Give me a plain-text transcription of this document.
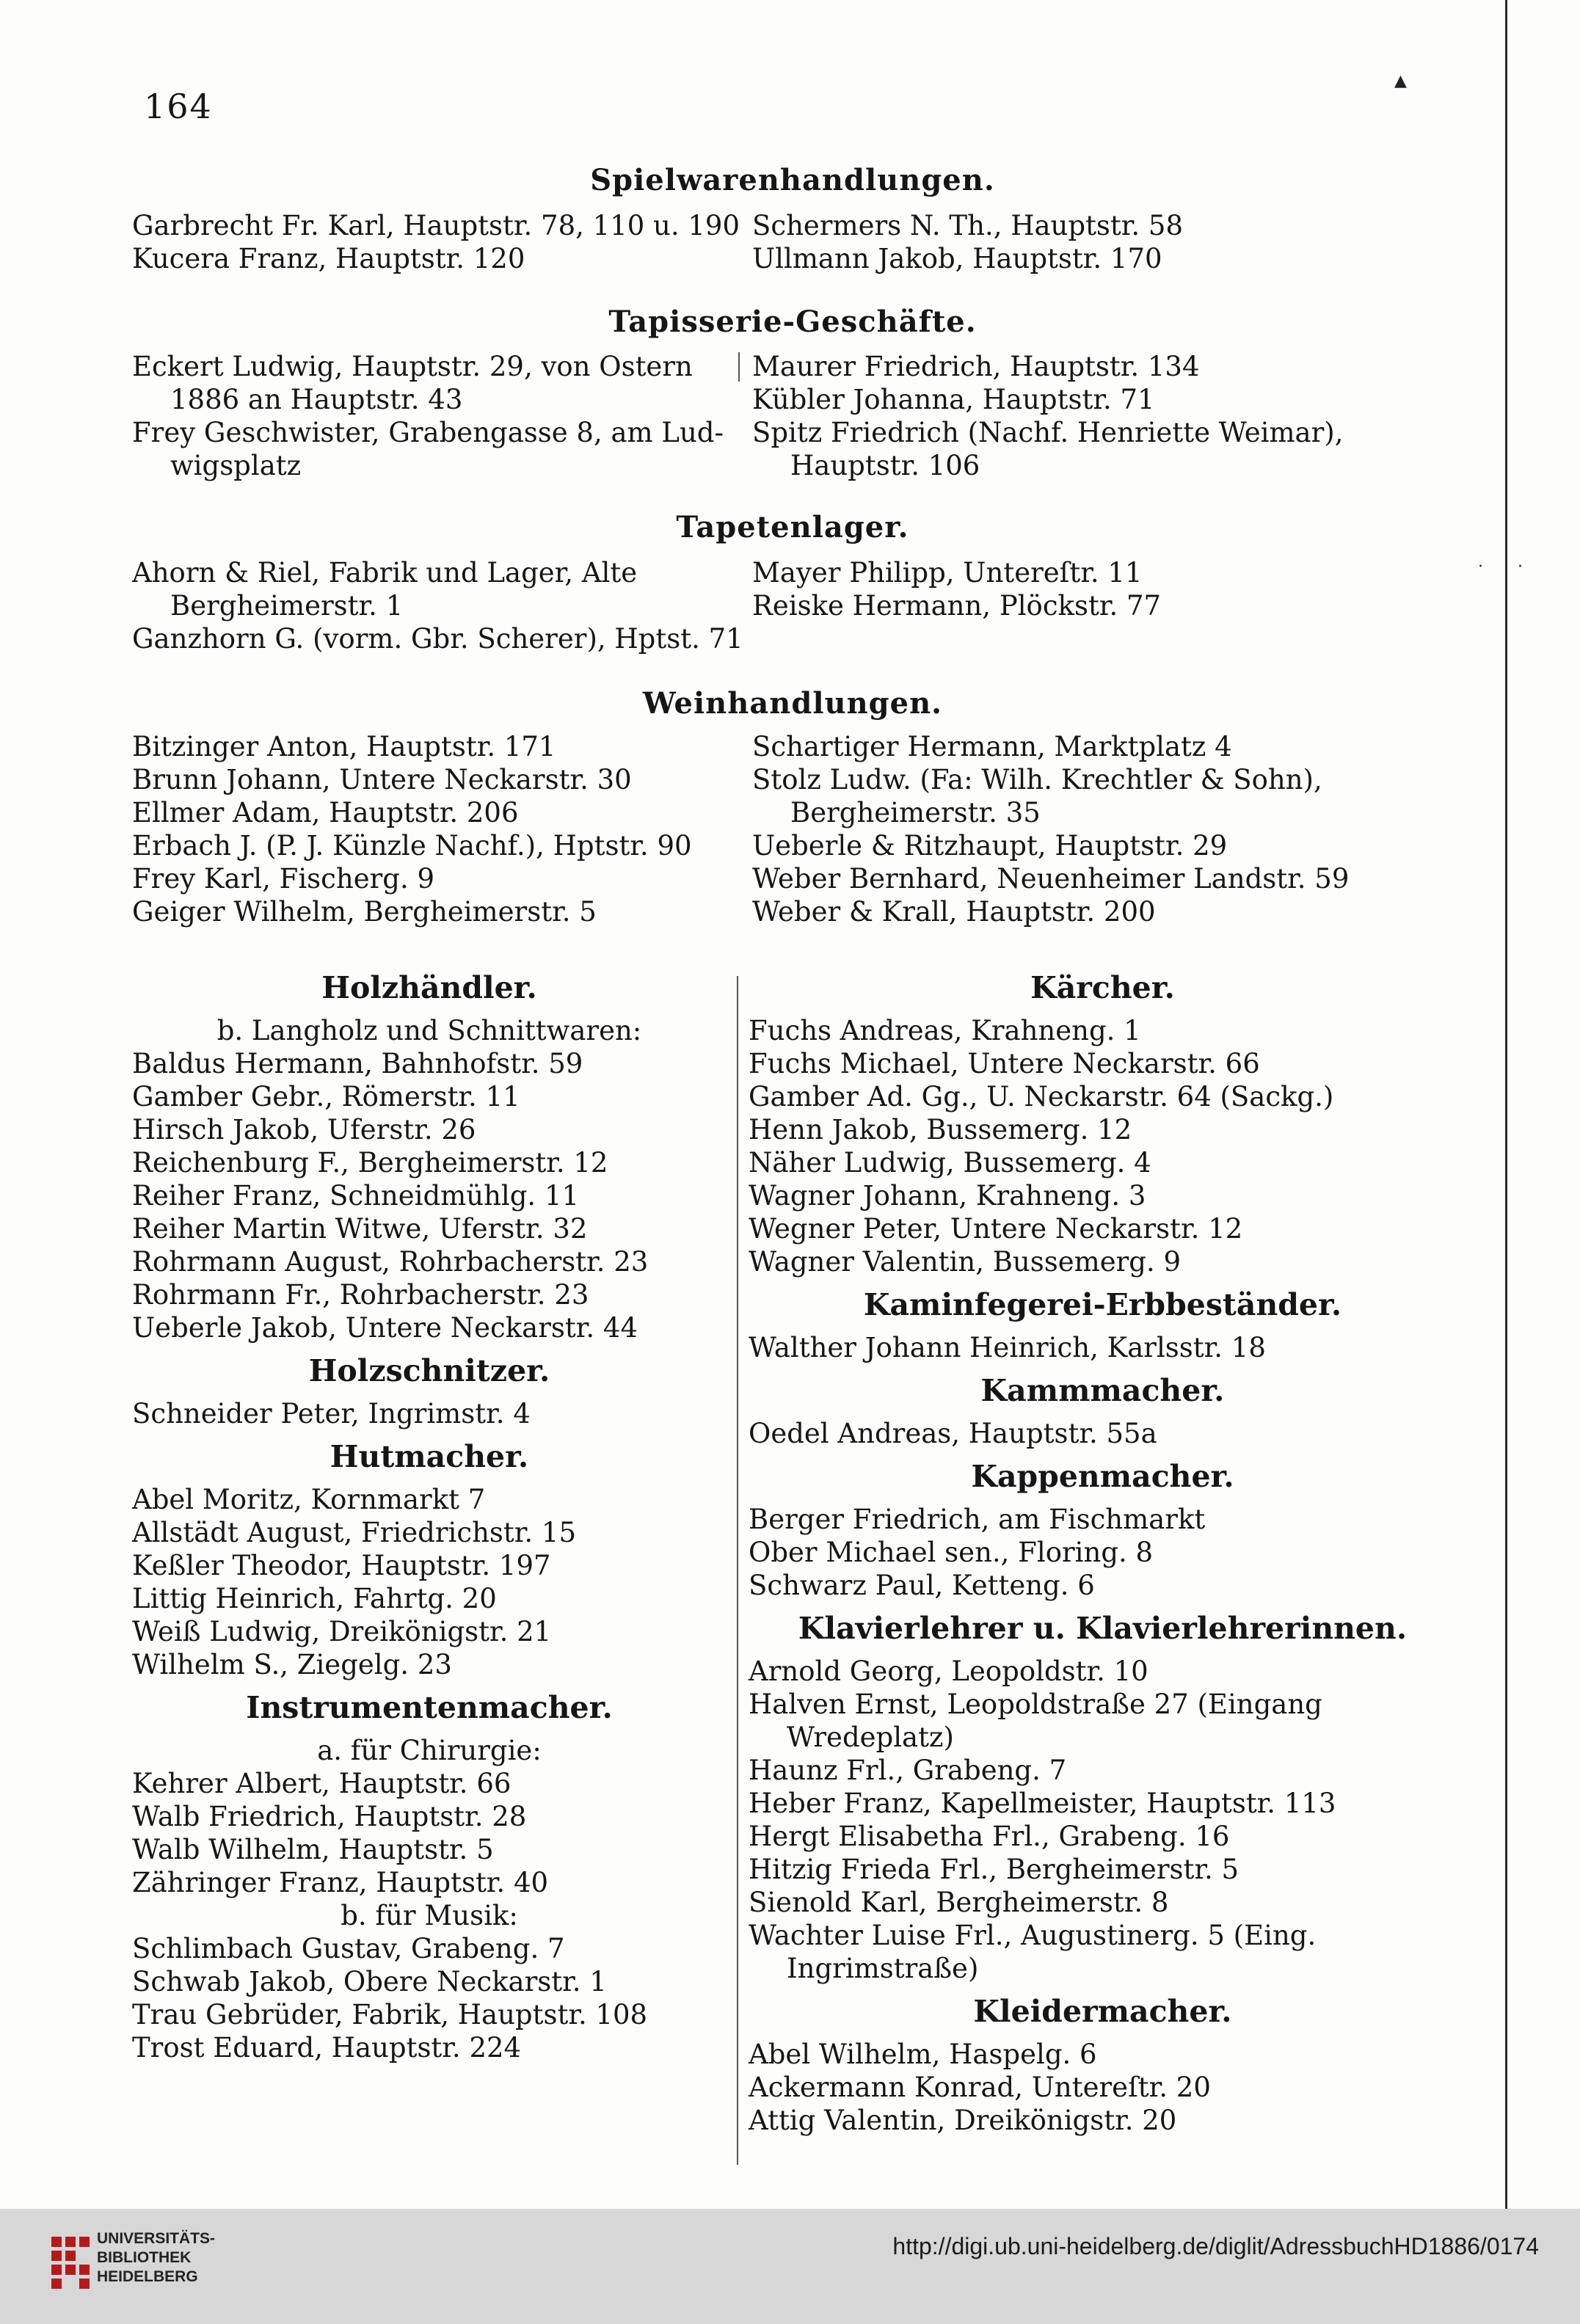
164
▲
· ·
Spielwarenhandlungen.
Garbrecht Fr. Karl, Hauptstr. 78, 110 u. 190
Kucera Franz, Hauptstr. 120
Schermers N. Th., Hauptstr. 58
Ullmann Jakob, Hauptstr. 170
Tapisserie-Geschäfte.
Eckert Ludwig, Hauptstr. 29, von Ostern
1886 an Hauptstr. 43
Frey Geschwister, Grabengasse 8, am Lud-
wigsplatz
Maurer Friedrich, Hauptstr. 134
Kübler Johanna, Hauptstr. 71
Spitz Friedrich (Nachf. Henriette Weimar),
Hauptstr. 106
Tapetenlager.
Ahorn & Riel, Fabrik und Lager, Alte
Bergheimerstr. 1
Ganzhorn G. (vorm. Gbr. Scherer), Hptst. 71
Mayer Philipp, Untereſtr. 11
Reiske Hermann, Plöckstr. 77
Weinhandlungen.
Bitzinger Anton, Hauptstr. 171
Brunn Johann, Untere Neckarstr. 30
Ellmer Adam, Hauptstr. 206
Erbach J. (P. J. Künzle Nachf.), Hptstr. 90
Frey Karl, Fischerg. 9
Geiger Wilhelm, Bergheimerstr. 5
Schartiger Hermann, Marktplatz 4
Stolz Ludw. (Fa: Wilh. Krechtler & Sohn),
Bergheimerstr. 35
Ueberle & Ritzhaupt, Hauptstr. 29
Weber Bernhard, Neuenheimer Landstr. 59
Weber & Krall, Hauptstr. 200
Holzhändler.
b. Langholz und Schnittwaren:
Baldus Hermann, Bahnhofstr. 59
Gamber Gebr., Römerstr. 11
Hirsch Jakob, Uferstr. 26
Reichenburg F., Bergheimerstr. 12
Reiher Franz, Schneidmühlg. 11
Reiher Martin Witwe, Uferstr. 32
Rohrmann August, Rohrbacherstr. 23
Rohrmann Fr., Rohrbacherstr. 23
Ueberle Jakob, Untere Neckarstr. 44
Holzschnitzer.
Schneider Peter, Ingrimstr. 4
Hutmacher.
Abel Moritz, Kornmarkt 7
Allstädt August, Friedrichstr. 15
Keßler Theodor, Hauptstr. 197
Littig Heinrich, Fahrtg. 20
Weiß Ludwig, Dreikönigstr. 21
Wilhelm S., Ziegelg. 23
Instrumentenmacher.
a. für Chirurgie:
Kehrer Albert, Hauptstr. 66
Walb Friedrich, Hauptstr. 28
Walb Wilhelm, Hauptstr. 5
Zähringer Franz, Hauptstr. 40
b. für Musik:
Schlimbach Gustav, Grabeng. 7
Schwab Jakob, Obere Neckarstr. 1
Trau Gebrüder, Fabrik, Hauptstr. 108
Trost Eduard, Hauptstr. 224
Kärcher.
Fuchs Andreas, Krahneng. 1
Fuchs Michael, Untere Neckarstr. 66
Gamber Ad. Gg., U. Neckarstr. 64 (Sackg.)
Henn Jakob, Bussemerg. 12
Näher Ludwig, Bussemerg. 4
Wagner Johann, Krahneng. 3
Wegner Peter, Untere Neckarstr. 12
Wagner Valentin, Bussemerg. 9
Kaminfegerei-Erbbeständer.
Walther Johann Heinrich, Karlsstr. 18
Kammmacher.
Oedel Andreas, Hauptstr. 55a
Kappenmacher.
Berger Friedrich, am Fischmarkt
Ober Michael sen., Floring. 8
Schwarz Paul, Ketteng. 6
Klavierlehrer u. Klavierlehrerinnen.
Arnold Georg, Leopoldstr. 10
Halven Ernst, Leopoldstraße 27 (Eingang
Wredeplatz)
Haunz Frl., Grabeng. 7
Heber Franz, Kapellmeister, Hauptstr. 113
Hergt Elisabetha Frl., Grabeng. 16
Hitzig Frieda Frl., Bergheimerstr. 5
Sienold Karl, Bergheimerstr. 8
Wachter Luise Frl., Augustinerg. 5 (Eing.
Ingrimstraße)
Kleidermacher.
Abel Wilhelm, Haspelg. 6
Ackermann Konrad, Untereſtr. 20
Attig Valentin, Dreikönigstr. 20
UNIVERSITÄTS-
BIBLIOTHEK
HEIDELBERG
http://digi.ub.uni-heidelberg.de/diglit/AdressbuchHD1886/0174
